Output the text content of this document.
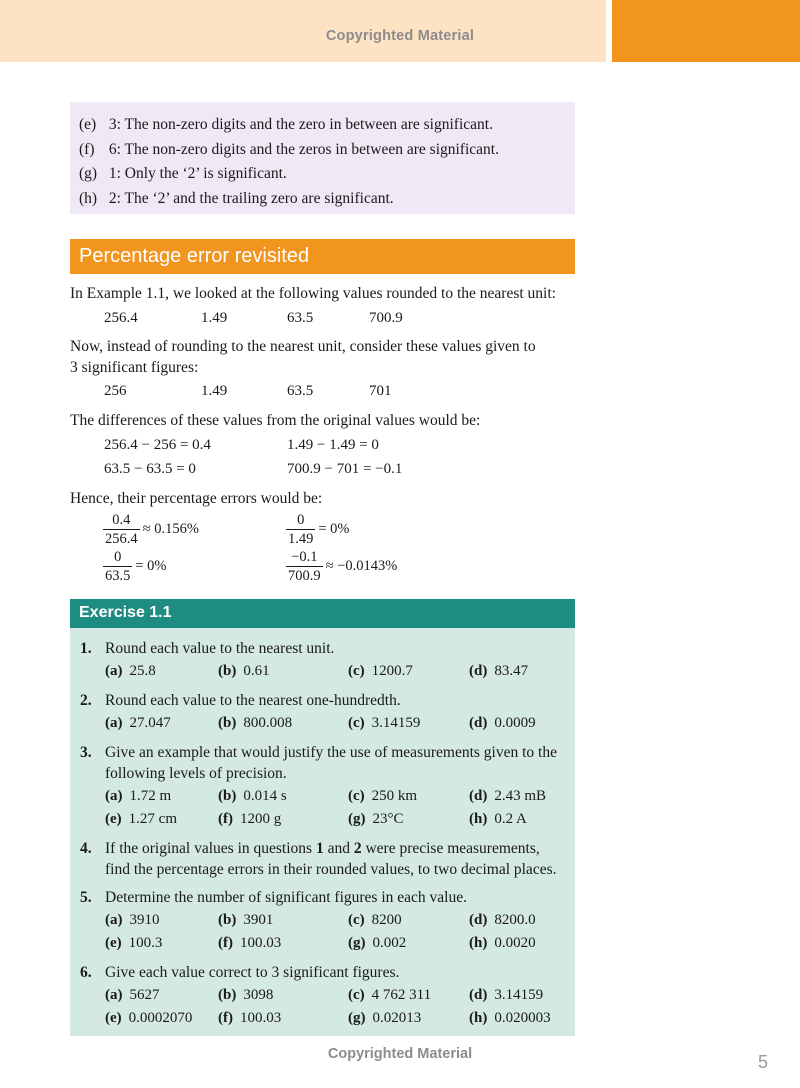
Copyrighted Material
(e) 3: The non-zero digits and the zero in between are significant.
(f) 6: The non-zero digits and the zeros in between are significant.
(g) 1: Only the ‘2’ is significant.
(h) 2: The ‘2’ and the trailing zero are significant.
Percentage error revisited
In Example 1.1, we looked at the following values rounded to the nearest unit:
256.4	1.49	63.5	700.9
Now, instead of rounding to the nearest unit, consider these values given to
3 significant figures:
256	1.49	63.5	701
The differences of these values from the original values would be:
256.4 − 256 = 0.4	1.49 − 1.49 = 0
63.5 − 63.5 = 0	700.9 − 701 = −0.1
Hence, their percentage errors would be:
$\frac{0.4}{256.4} \approx 0.156\%$	$\frac{0}{1.49} = 0\%$
$\frac{0}{63.5} = 0\%$	$\frac{-0.1}{700.9} \approx -0.0143\%$
Exercise 1.1
1. Round each value to the nearest unit.
(a) 25.8	(b) 0.61	(c) 1200.7	(d) 83.47
2. Round each value to the nearest one-hundredth.
(a) 27.047	(b) 800.008	(c) 3.14159	(d) 0.0009
3. Give an example that would justify the use of measurements given to the
following levels of precision.
(a) 1.72 m	(b) 0.014 s	(c) 250 km	(d) 2.43 mB
(e) 1.27 cm	(f) 1200 g	(g) 23°C	(h) 0.2 A
4. If the original values in questions 1 and 2 were precise measurements,
find the percentage errors in their rounded values, to two decimal places.
5. Determine the number of significant figures in each value.
(a) 3910	(b) 3901	(c) 8200	(d) 8200.0
(e) 100.3	(f) 100.03	(g) 0.002	(h) 0.0020
6. Give each value correct to 3 significant figures.
(a) 5627	(b) 3098	(c) 4 762 311	(d) 3.14159
(e) 0.0002070 (f) 100.03	(g) 0.02013	(h) 0.020003
Copyrighted Material	5
